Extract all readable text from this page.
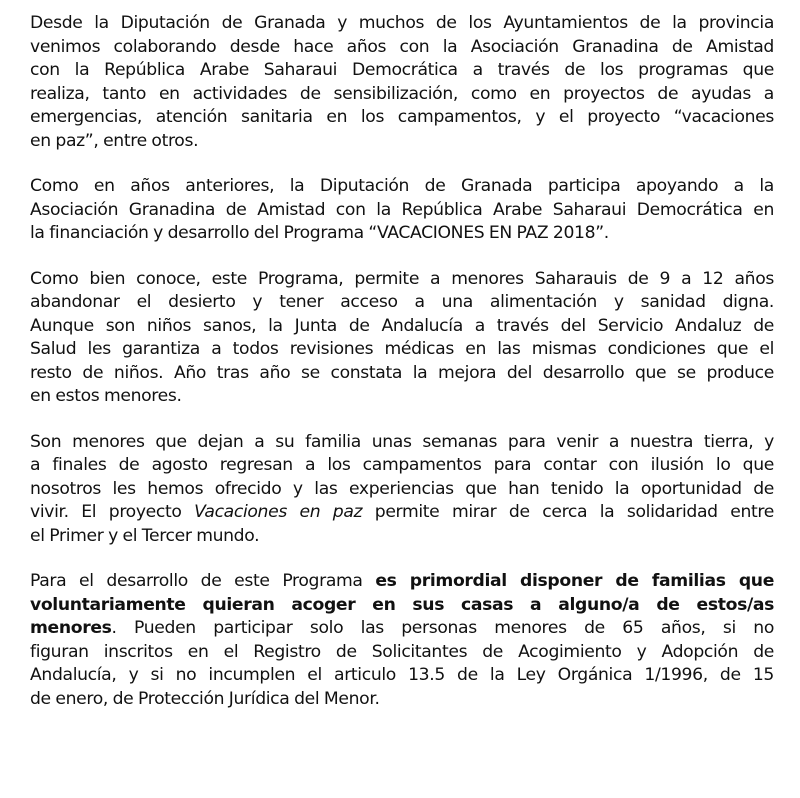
Desde la Diputación de Granada y muchos de los Ayuntamientos de la provincia
venimos colaborando desde hace años con la Asociación Granadina de Amistad
con la República Arabe Saharaui Democrática a través de los programas que
realiza, tanto en actividades de sensibilización, como en proyectos de ayudas a
emergencias, atención sanitaria en los campamentos, y el proyecto “vacaciones
en paz”, entre otros.

Como en años anteriores, la Diputación de Granada participa apoyando a la
Asociación Granadina de Amistad con la República Arabe Saharaui Democrática en
la financiación y desarrollo del Programa “VACACIONES EN PAZ 2018”.

Como bien conoce, este Programa, permite a menores Saharauis de 9 a 12 años
abandonar el desierto y tener acceso a una alimentación y sanidad digna.
Aunque son niños sanos, la Junta de Andalucía a través del Servicio Andaluz de
Salud les garantiza a todos revisiones médicas en las mismas condiciones que el
resto de niños. Año tras año se constata la mejora del desarrollo que se produce
en estos menores.

Son menores que dejan a su familia unas semanas para venir a nuestra tierra, y
a finales de agosto regresan a los campamentos para contar con ilusión lo que
nosotros les hemos ofrecido y las experiencias que han tenido la oportunidad de
vivir. El proyecto Vacaciones en paz permite mirar de cerca la solidaridad entre
el Primer y el Tercer mundo.

Para el desarrollo de este Programa es primordial disponer de familias que
voluntariamente quieran acoger en sus casas a alguno/a de estos/as
menores. Pueden participar solo las personas menores de 65 años, si no
figuran inscritos en el Registro de Solicitantes de Acogimiento y Adopción de
Andalucía, y si no incumplen el articulo 13.5 de la Ley Orgánica 1/1996, de 15
de enero, de Protección Jurídica del Menor.
